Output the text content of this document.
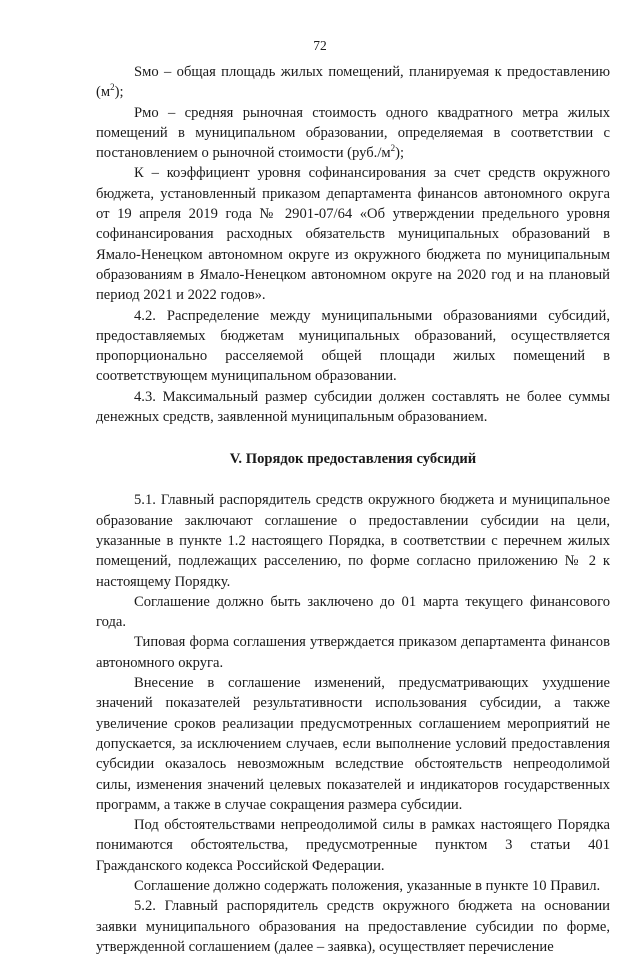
72

Sмо – общая площадь жилых помещений, планируемая к предоставлению $(м^2)$;

Рмо – средняя рыночная стоимость одного квадратного метра жилых помещений в муниципальном образовании, определяемая в соответствии с постановлением о рыночной стоимости $(руб./м^2)$;

К – коэффициент уровня софинансирования за счет средств окружного бюджета, установленный приказом департамента финансов автономного округа от 19 апреля 2019 года № 2901-07/64 «Об утверждении предельного уровня софинансирования расходных обязательств муниципальных образований в Ямало-Ненецком автономном округе из окружного бюджета по муниципальным образованиям в Ямало-Ненецком автономном округе на 2020 год и на плановый период 2021 и 2022 годов».

4.2. Распределение между муниципальными образованиями субсидий, предоставляемых бюджетам муниципальных образований, осуществляется пропорционально расселяемой общей площади жилых помещений в соответствующем муниципальном образовании.

4.3. Максимальный размер субсидии должен составлять не более суммы денежных средств, заявленной муниципальным образованием.

V. Порядок предоставления субсидий

5.1. Главный распорядитель средств окружного бюджета и муниципальное образование заключают соглашение о предоставлении субсидии на цели, указанные в пункте 1.2 настоящего Порядка, в соответствии с перечнем жилых помещений, подлежащих расселению, по форме согласно приложению № 2 к настоящему Порядку.

Соглашение должно быть заключено до 01 марта текущего финансового года.

Типовая форма соглашения утверждается приказом департамента финансов автономного округа.

Внесение в соглашение изменений, предусматривающих ухудшение значений показателей результативности использования субсидии, а также увеличение сроков реализации предусмотренных соглашением мероприятий не допускается, за исключением случаев, если выполнение условий предоставления субсидии оказалось невозможным вследствие обстоятельств непреодолимой силы, изменения значений целевых показателей и индикаторов государственных программ, а также в случае сокращения размера субсидии.

Под обстоятельствами непреодолимой силы в рамках настоящего Порядка понимаются обстоятельства, предусмотренные пунктом 3 статьи 401 Гражданского кодекса Российской Федерации.

Соглашение должно содержать положения, указанные в пункте 10 Правил.

5.2. Главный распорядитель средств окружного бюджета на основании заявки муниципального образования на предоставление субсидии по форме, утвержденной соглашением (далее – заявка), осуществляет перечисление
